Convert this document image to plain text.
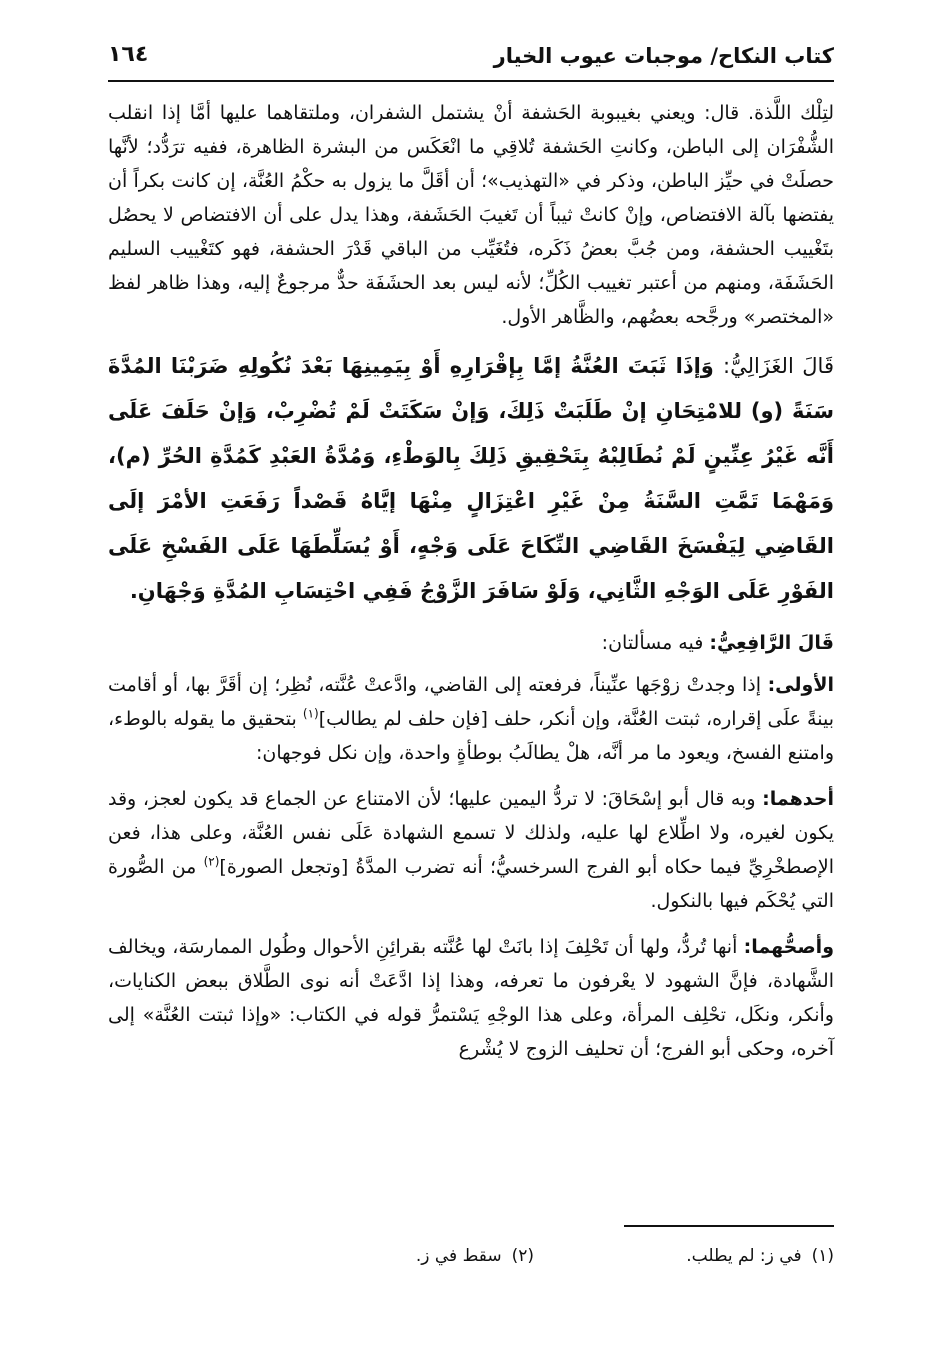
كتاب النكاح/ موجبات عيوب الخيار
١٦٤

لتِلْك اللَّذة. قال: ويعني بغيبوبة الحَشفة أنْ يشتمل الشفران، وملتقاهما عليها أمَّا إذا انقلب الشُّفْرَان إلى الباطن، وكانتِ الحَشفة تُلاقِي ما انْعَكَس من البشرة الظاهرة، ففيه ترَدُّد؛ لأنَّها حصلَتْ في حيِّز الباطن، وذكر في «التهذيب»؛ أن أقَلَّ ما يزول به حكْمُ العُنَّة، إن كانت بكراً أن يفتضها بآلة الافتضاص، وإنْ كانتْ ثيباً أن تَغيبَ الحَشَفة، وهذا يدل على أن الافتضاص لا يحصُل بتَغْييب الحشفة، ومن جُبَّ بعضُ ذَكَره، فتُغَيِّب من الباقي قَدْرَ الحشفة، فهو كتَغْييب السليم الحَشَفَة، ومنهم من أعتبر تغييب الكُلِّ؛ لأنه ليس بعد الحشَفَة حدٌّ مرجوعٌ إليه، وهذا ظاهر لفظ «المختصر» ورجَّحه بعضُهم، والظَّاهر الأول.

قَالَ الغَزَالِيُّ: وَإذَا ثَبَتَ العُنَّةُ إمَّا بِإقْرَارِهِ أَوْ بِيَمِينِهَا بَعْدَ نُكُولِهِ ضَرَبْنَا المُدَّةَ سَنَةً (و) للامْتِحَانِ إنْ طَلَبَتْ ذَلِكَ، وَإنْ سَكَتَتْ لَمْ تُضْرِبْ، وَإنْ حَلَفَ عَلَى أَنَّه غَيْرُ عِنِّينٍ لَمْ نُطَالِبْهُ بِتَحْقِيقِ ذَلِكَ بِالوَطْءِ، وَمُدَّةُ العَبْدِ كَمُدَّةِ الحُرِّ (م)، وَمَهْمَا تَمَّتِ السَّنَةُ مِنْ غَيْرِ اعْتِزَالٍ مِنْهَا إيَّاهُ قَصْداً رَفَعَتِ الأمْرَ إلَى القَاضِي لِيَفْسَخَ القَاضِي النِّكَاحَ عَلَى وَجْهٍ، أَوْ يُسَلِّطَهَا عَلَى الفَسْخِ عَلَى الفَوْرِ عَلَى الوَجْهِ الثَّانِي، وَلَوْ سَافَرَ الزَّوْجُ فَفِي احْتِسَابِ المُدَّةِ وَجْهَانِ.

قَالَ الرَّافِعِيُّ: فيه مسألتان:

الأولى: إذا وجدتْ زوْجَها عنِّيناً، فرفعته إلى القاضي، وادَّعتْ عُنَّته، نُظِر؛ إن أقَرَّ بها، أو أقامت بينةً علَى إقراره، ثبتت العُنَّة، وإن أنكر، حلف [فإن حلف لم يطالب]$^{(١)}$ بتحقيق ما يقوله بالوطء، وامتنع الفسخ، ويعود ما مر أنَّه، هلْ يطالَبُ بوطأةٍ واحدة، وإن نكل فوجهان:

أحدهما: وبه قال أبو إسْحَاقَ: لا تردُّ اليمين عليها؛ لأن الامتناع عن الجماع قد يكون لعجز، وقد يكون لغيره، ولا اطِّلاع لها عليه، ولذلك لا تسمع الشهادة عَلَى نفس العُنَّة، وعلى هذا، فعن الإصطخْرِيِّ فيما حكاه أبو الفرج السرخسيُّ؛ أنه تضرب المدَّةُ [وتجعل الصورة]$^{(٢)}$ من الصُّورة التي يُحْكَم فيها بالنكول.

وأصحُّهما: أنها تُردُّ، ولها أن تَحْلِفَ إذا بانَتْ لها عُنَّته بقرائِنِ الأحوال وطُول الممارسَة، ويخالف الشَّهادة، فإنَّ الشهود لا يعْرفون ما تعرفه، وهذا إذا ادَّعَتْ أنه نوى الطَّلاق ببعض الكنايات، وأنكر، ونكَل، تحْلِف المرأة، وعلى هذا الوجْهِ يَسْتمرُّ قوله في الكتاب: «وإذا ثبتت العُنَّة» إلى آخره، وحكى أبو الفرج؛ أن تحليف الزوج لا يُشْرع

(١)في ز: لم يطلب.
(٢)سقط في ز.
